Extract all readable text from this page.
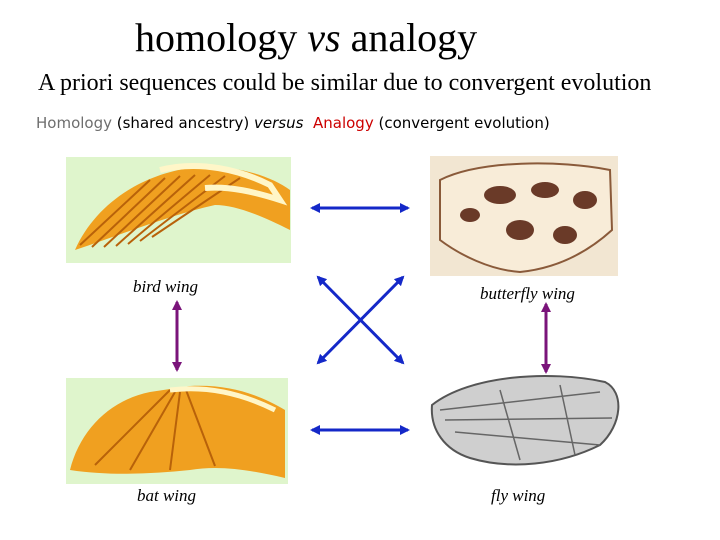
homology vs analogy
A priori sequences could be similar due to convergent evolution
Homology (shared ancestry) versus Analogy (convergent evolution)
bird wing	butterfly wing
bat wing	fly wing
